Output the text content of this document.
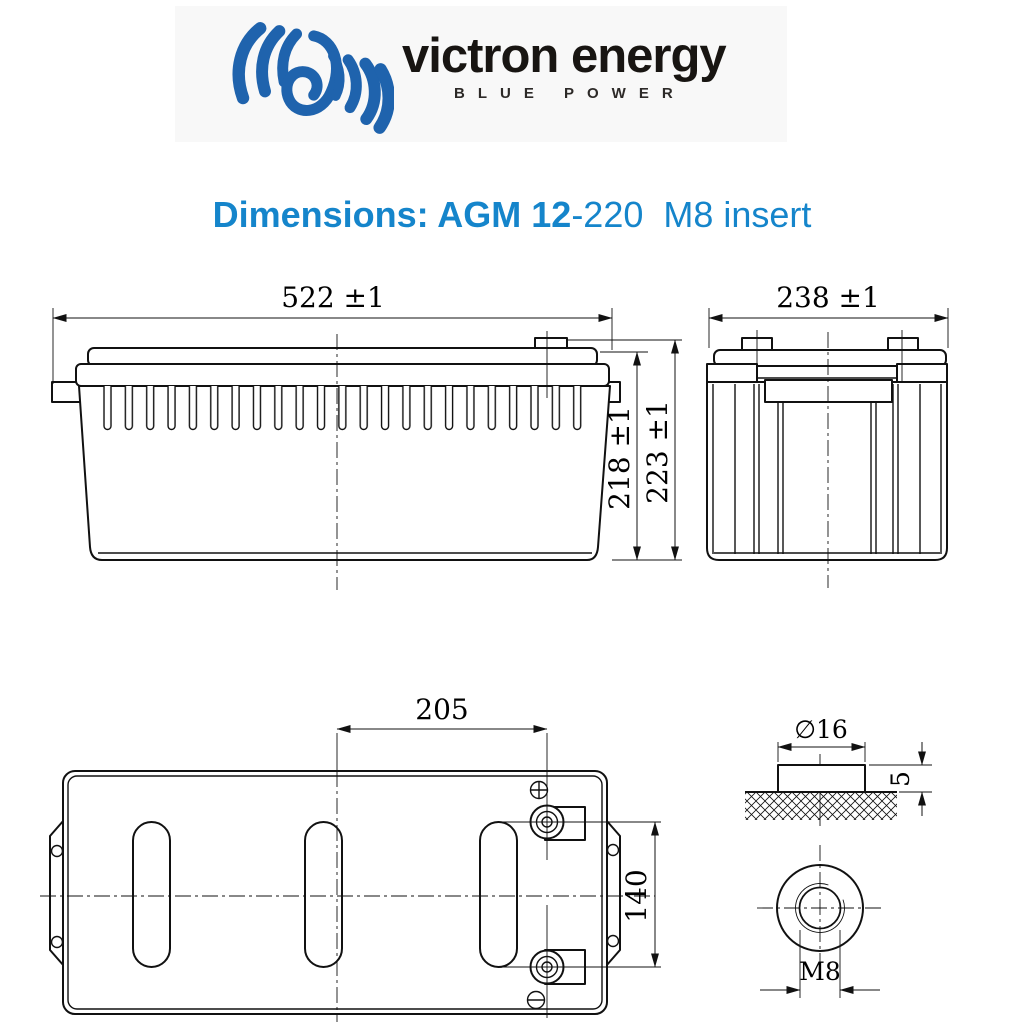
victron energy
BLUE POWER
Dimensions: AGM 12-220 M8 insert
522 ±1
218 ±1 223 ±1
238 ±1
205
140
∅16
5
M8
